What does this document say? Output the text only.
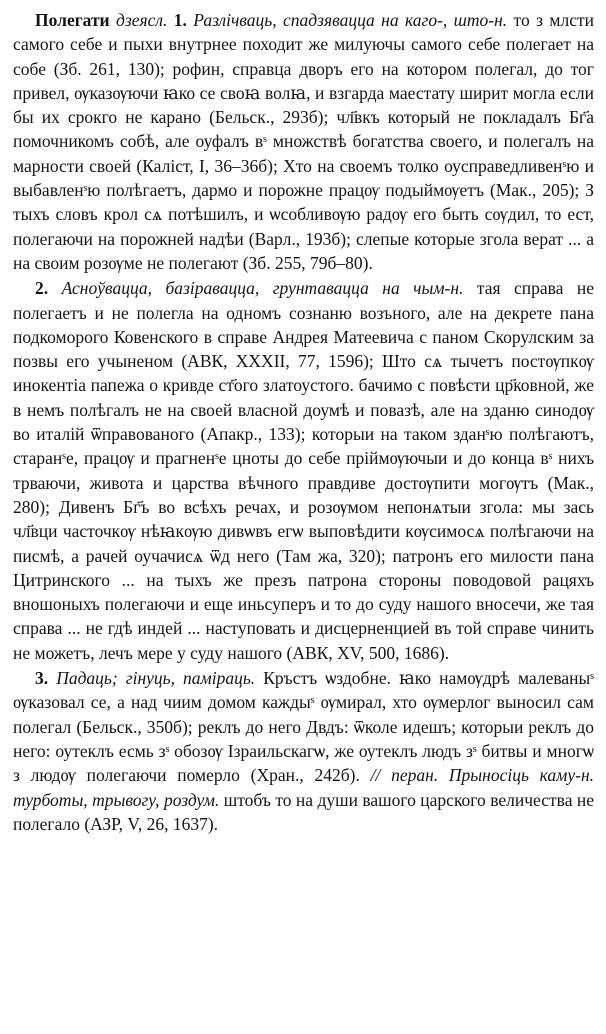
Полегати дзеясл. 1. Разлічваць, спадзявацца на каго-, што-н. то з млсти самого себе и пыхи внутрнее походит же милуючы самого себе полегает на собе (Зб. 261, 130); рофин, справца дворъ его на котором полегал, до тог привел, ѹказѹючи ꙗко се своꙗ волꙗ, и взгарда маестату ширит могла если бы их срокго не карано (Бельск., 293б); чл҃вкъ который не покладалъ Бг҃а помочникомъ собѣ, але оуфалъ вˢ множствѣ богатства своего, и полегалъ на марности своей (Каліст, I, 36–36б); Хто на своемъ толко оусправедливенˢю и выбавленˢю полѣгаетъ, дармо и порожне працѹ подыймѹетъ (Мак., 205); З тыхъ словъ крол сѧ потѣшилъ, и ѡсобливѹю радѹ его быть сѹдил, то ест, полегаючи на порожней надѣи (Варл., 193б); слепые которые згола верат ... а на своим розѹме не полегают (Зб. 255, 79б–80).

2. Асноўвацца, базіравацца, грунтавацца на чым-н. тая справа не полегаетъ и не полегла на одномъ сознаню возъного, але на декрете пана подкоморого Ковенского в справе Андрея Матеевича с паном Скорулским за позвы его учыненом (АВК, XXXII, 77, 1596); Што сѧ тычетъ постѹпкѹ инокентіа папежа о кривде ст҃ого златоустого. бачимо с повѣсти цр҃ковной, же в немъ полѣгалъ не на своей власной доумѣ и повазѣ, але на зданю синодѹ во италій ѿправованого (Апакр., 133); которыи на таком зданˢю полѣгаютъ, старанˢе, працѹ и прагненˢе цноты до себе пріймѹючыи и до конца вˢ нихъ трваючи, живота и царства вѣчного правдиве достѹпити могѹтъ (Мак., 280); Дивенъ Бг҃ъ во всѣхъ речах, и розѹмом непонѧтыи згола: мы зась чл҃вци часточкѹ нѣꙗкѹю дивѡвъ егѡ выповѣдити кѹсимосѧ полѣгаючи на писмѣ, а рачей оучачисѧ ѿд него (Там жа, 320); патронъ его милости пана Цитринского ... на тыхъ же презъ патрона стороны поводовой рацяхъ вношоныхъ полегаючи и еще иньсуперъ и то до суду нашого вносечи, же тая справа ... не гдѣ индей ... наступовать и дисцерненцией въ той справе чинить не можетъ, лечъ мере у суду нашого (АВК, XV, 500, 1686).

3. Падаць; гінуць, паміраць. Кръстъ ѡздобне. ꙗко намѹдрѣ малеваныˢ ѹказовал се, а над чиим домом каждыˢ ѹмирал, хто ѹмерлог выносил сам полегал (Бельск., 350б); реклъ до него Двдъ: ѿколе идешъ; которыи реклъ до него: оутеклъ есмь зˢ обозѹ Ізраильскагѡ, же оутеклъ людъ зˢ битвы и многѡ з людѹ полегаючи померло (Хран., 242б). // перан. Прыносіць каму-н. турботы, трывогу, роздум. штобъ то на души вашого царского величества не полегало (АЗР, V, 26, 1637).
